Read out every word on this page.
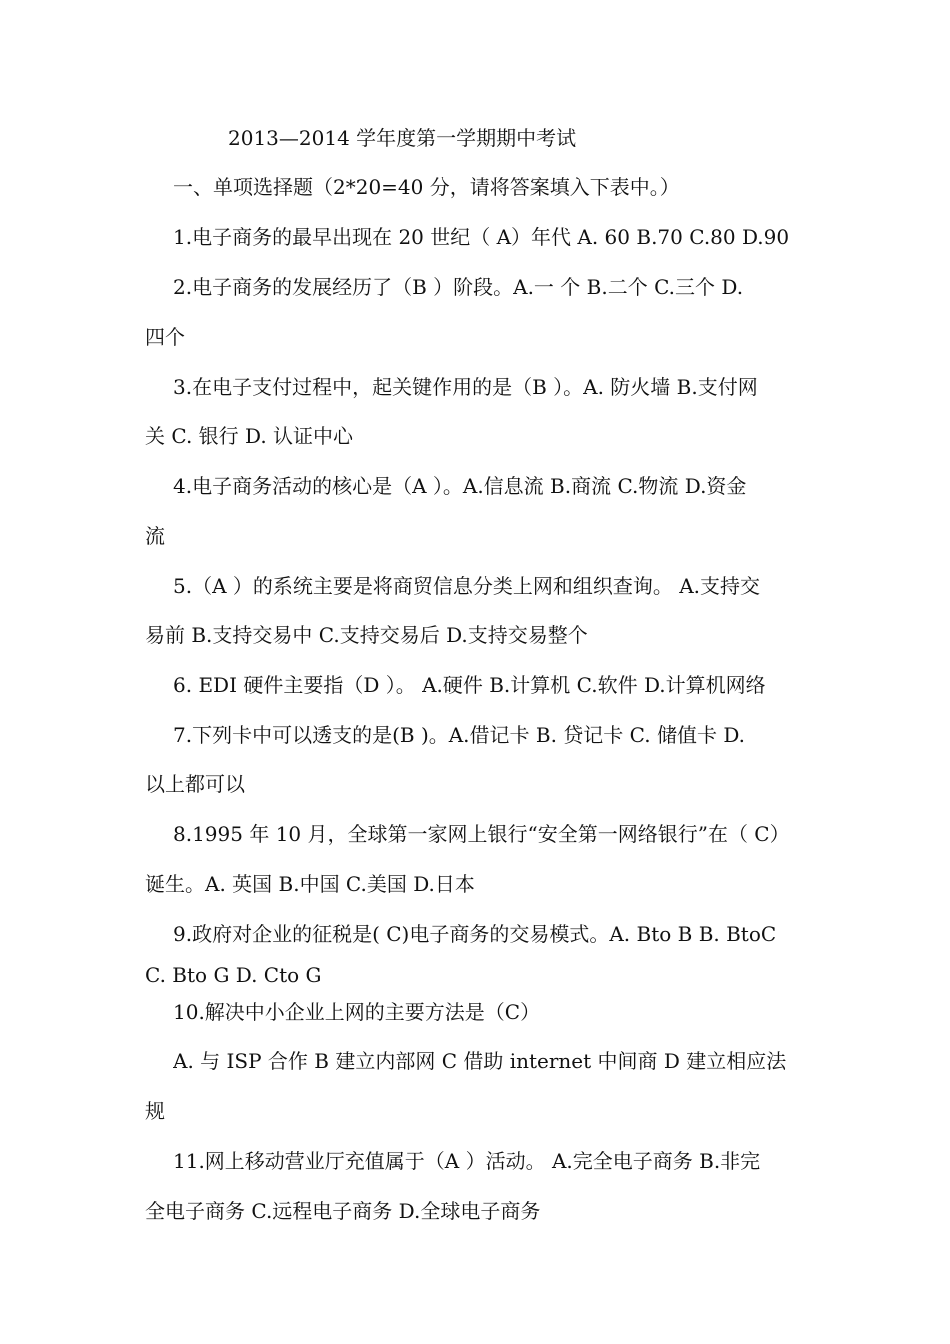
2013—2014 学年度第一学期期中考试
一、单项选择题（2*20=40 分，请将答案填入下表中。）
1.电子商务的最早出现在 20 世纪（ A）年代 A. 60 B.70 C.80 D.90
2.电子商务的发展经历了（B ）阶段。A.一 个 B.二个 C.三个 D.
四个
3.在电子支付过程中，起关键作用的是（B ）。A. 防火墙 B.支付网
关 C. 银行 D. 认证中心
4.电子商务活动的核心是（A ）。A.信息流 B.商流 C.物流 D.资金
流
5.（A ）的系统主要是将商贸信息分类上网和组织查询。 A.支持交
易前 B.支持交易中 C.支持交易后 D.支持交易整个
6. EDI 硬件主要指（D ）。 A.硬件 B.计算机 C.软件 D.计算机网络
7.下列卡中可以透支的是(B )。A.借记卡 B. 贷记卡 C. 储值卡 D.
以上都可以
8.1995 年 10 月，全球第一家网上银行“安全第一网络银行”在（ C）
诞生。A. 英国 B.中国 C.美国 D.日本
9.政府对企业的征税是( C)电子商务的交易模式。A. Bto B B. BtoC
C. Bto G D. Cto G
10.解决中小企业上网的主要方法是（C）
A. 与 ISP 合作 B 建立内部网 C 借助 internet 中间商 D 建立相应法
规
11.网上移动营业厅充值属于（A ）活动。 A.完全电子商务 B.非完
全电子商务 C.远程电子商务 D.全球电子商务
